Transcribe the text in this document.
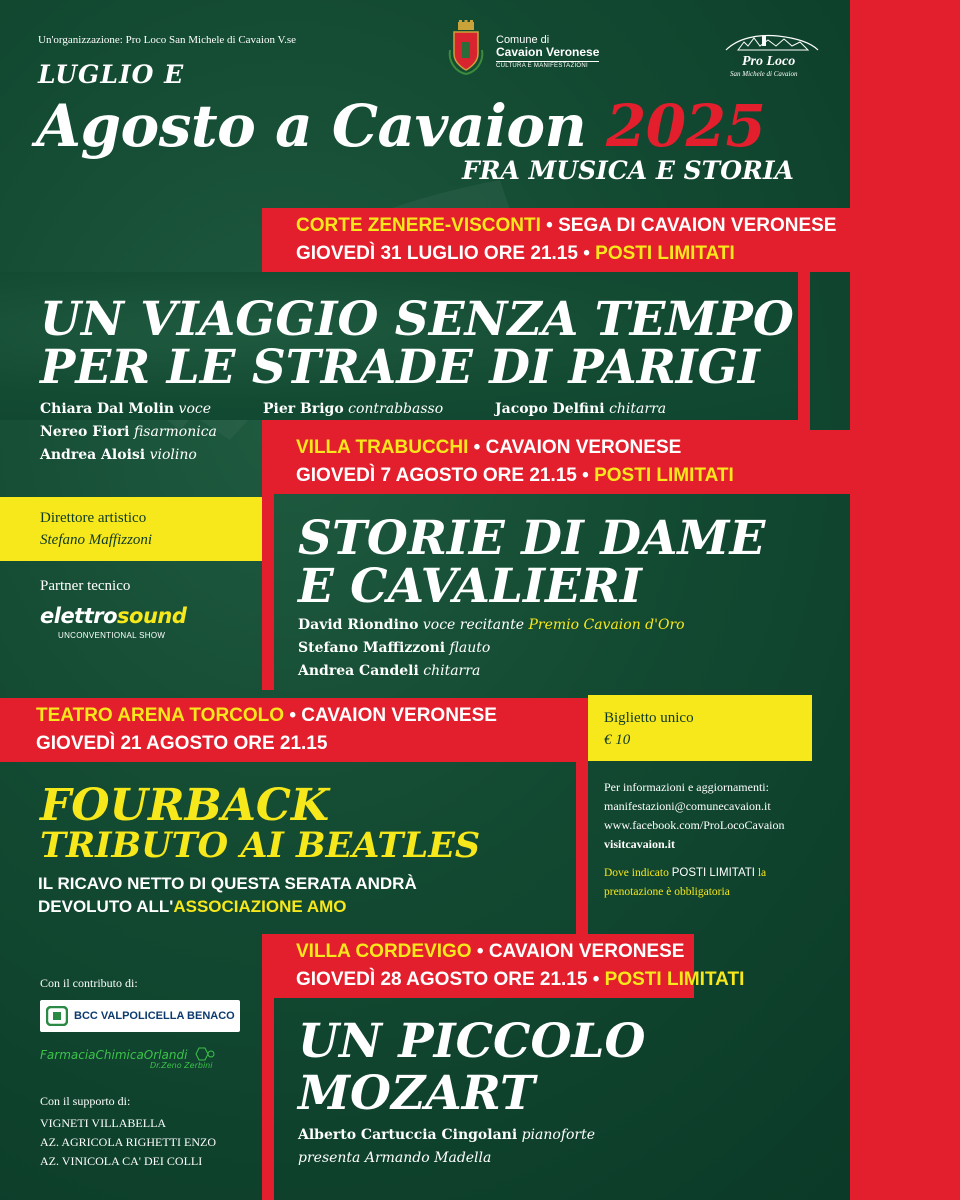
Un'organizzazione: Pro Loco San Michele di Cavaion V.se
LUGLIO E
Agosto a Cavaion 2025
FRA MUSICA E STORIA
Comune di
Cavaion Veronese
CULTURA E MANIFESTAZIONI	Pro Loco
San Michele di Cavaion
CORTE ZENERE-VISCONTI • SEGA DI CAVAION VERONESE
GIOVEDÌ 31 LUGLIO ORE 21.15 • POSTI LIMITATI
UN VIAGGIO SENZA TEMPO
PER LE STRADE DI PARIGI
Chiara Dal Molin voce	Pier Brigo contrabbasso	Jacopo Delfini chitarra
Nereo Fiori fisarmonica
Andrea Aloisi violino	VILLA TRABUCCHI • CAVAION VERONESE
GIOVEDÌ 7 AGOSTO ORE 21.15 • POSTI LIMITATI
STORIE DI DAME
E CAVALIERI
David Riondino voce recitante Premio Cavaion d'Oro
Stefano Maffizzoni flauto
Andrea Candeli chitarra
Direttore artistico
Stefano Maffizzoni
Partner tecnico
elettrosound
UNCONVENTIONAL SHOW
TEATRO ARENA TORCOLO • CAVAION VERONESE
GIOVEDÌ 21 AGOSTO ORE 21.15
FOURBACK
TRIBUTO AI BEATLES
IL RICAVO NETTO DI QUESTA SERATA ANDRÀ
DEVOLUTO ALL'ASSOCIAZIONE AMO
Biglietto unico
€ 10
Per informazioni e aggiornamenti:
manifestazioni@comunecavaion.it
www.facebook.com/ProLocoCavaion
visitcavaion.it
Dove indicato POSTI LIMITATI la
prenotazione è obbligatoria
VILLA CORDEVIGO • CAVAION VERONESE
GIOVEDÌ 28 AGOSTO ORE 21.15 • POSTI LIMITATI
UN PICCOLO
MOZART
Alberto Cartuccia Cingolani pianoforte
presenta Armando Madella
Con il contributo di:
BCC VALPOLICELLA BENACO
FarmaciaChimicaOrlandi
Dr.Zeno Zerbini
Con il supporto di:
VIGNETI VILLABELLA
AZ. AGRICOLA RIGHETTI ENZO
AZ. VINICOLA CA' DEI COLLI
